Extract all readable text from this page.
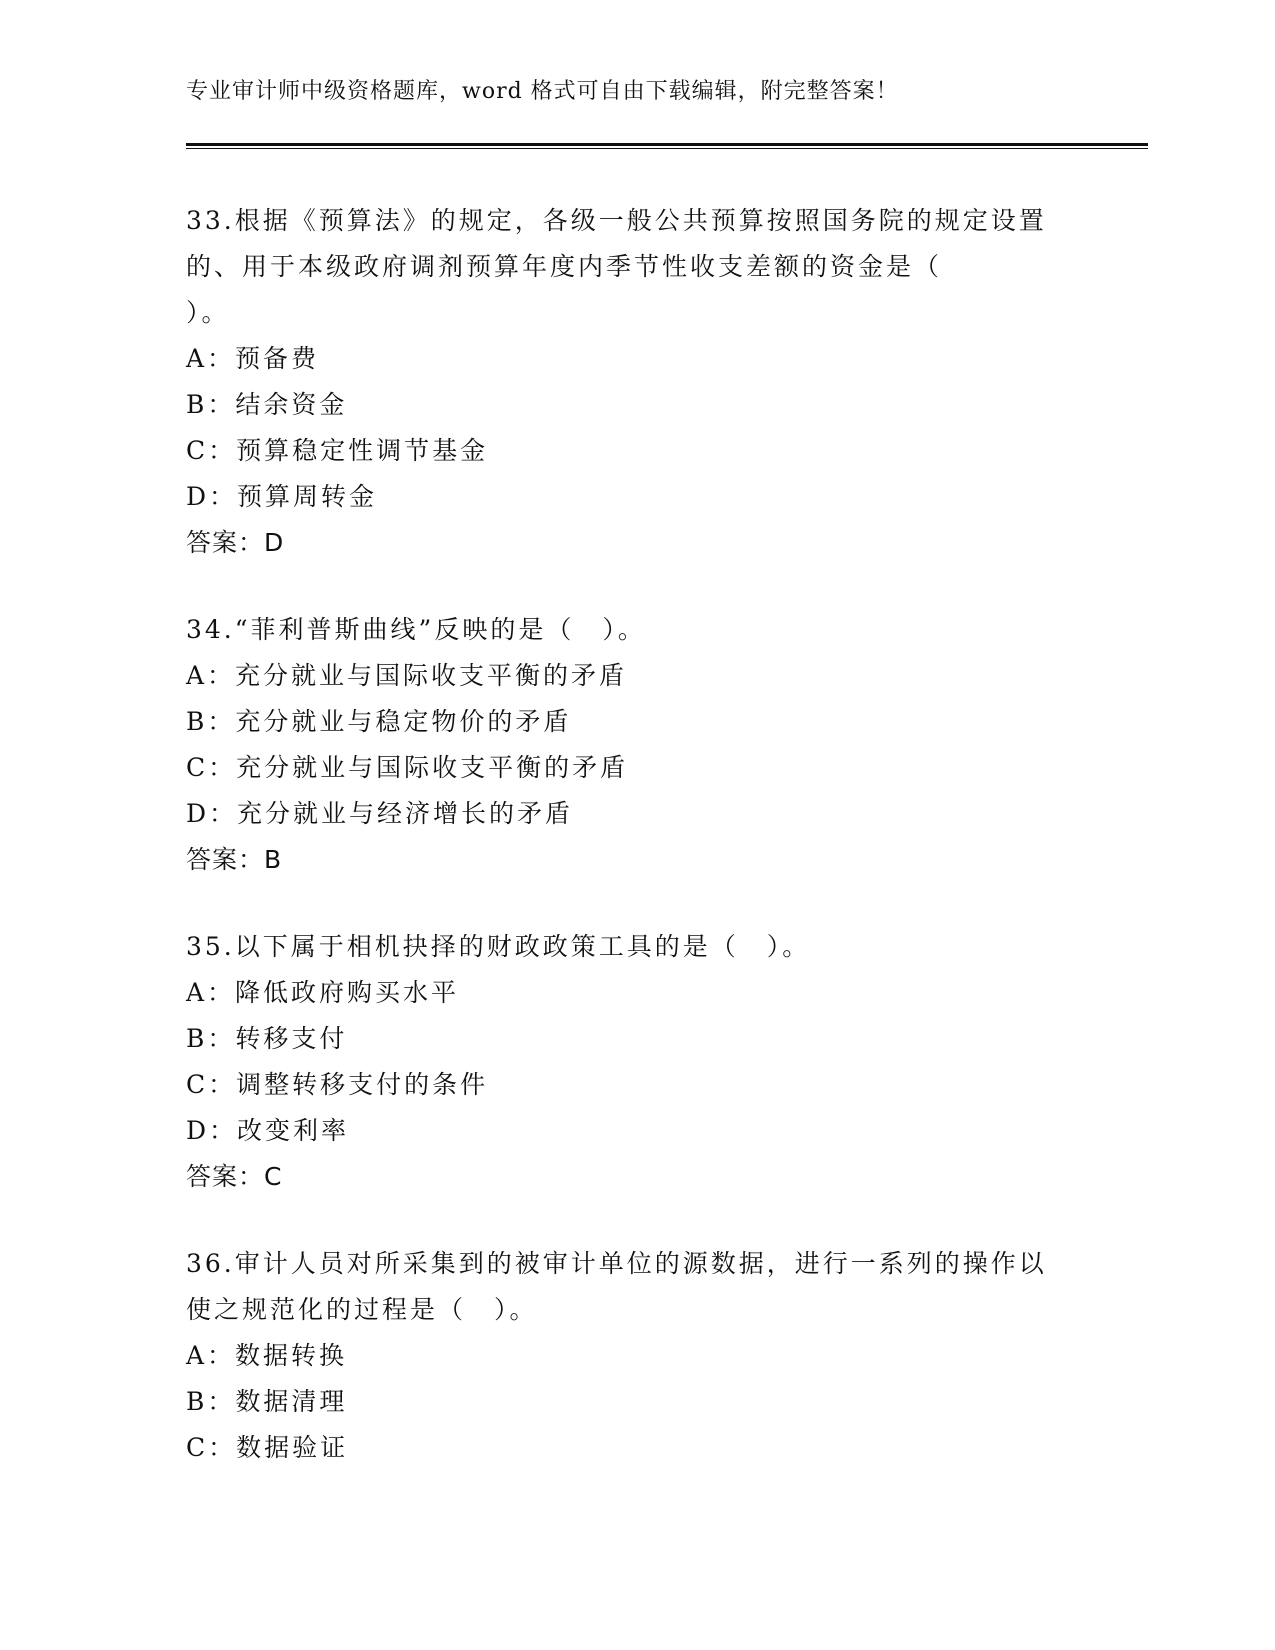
专业审计师中级资格题库，word 格式可自由下载编辑，附完整答案！
33.根据《预算法》的规定，各级一般公共预算按照国务院的规定设置
的、用于本级政府调剂预算年度内季节性收支差额的资金是（
）。
A：预备费
B：结余资金
C：预算稳定性调节基金
D：预算周转金
答案：D
34.“菲利普斯曲线”反映的是（　）。
A：充分就业与国际收支平衡的矛盾
B：充分就业与稳定物价的矛盾
C：充分就业与国际收支平衡的矛盾
D：充分就业与经济增长的矛盾
答案：B
35.以下属于相机抉择的财政政策工具的是（　）。
A：降低政府购买水平
B：转移支付
C：调整转移支付的条件
D：改变利率
答案：C
36.审计人员对所采集到的被审计单位的源数据，进行一系列的操作以
使之规范化的过程是（　）。
A：数据转换
B：数据清理
C：数据验证
